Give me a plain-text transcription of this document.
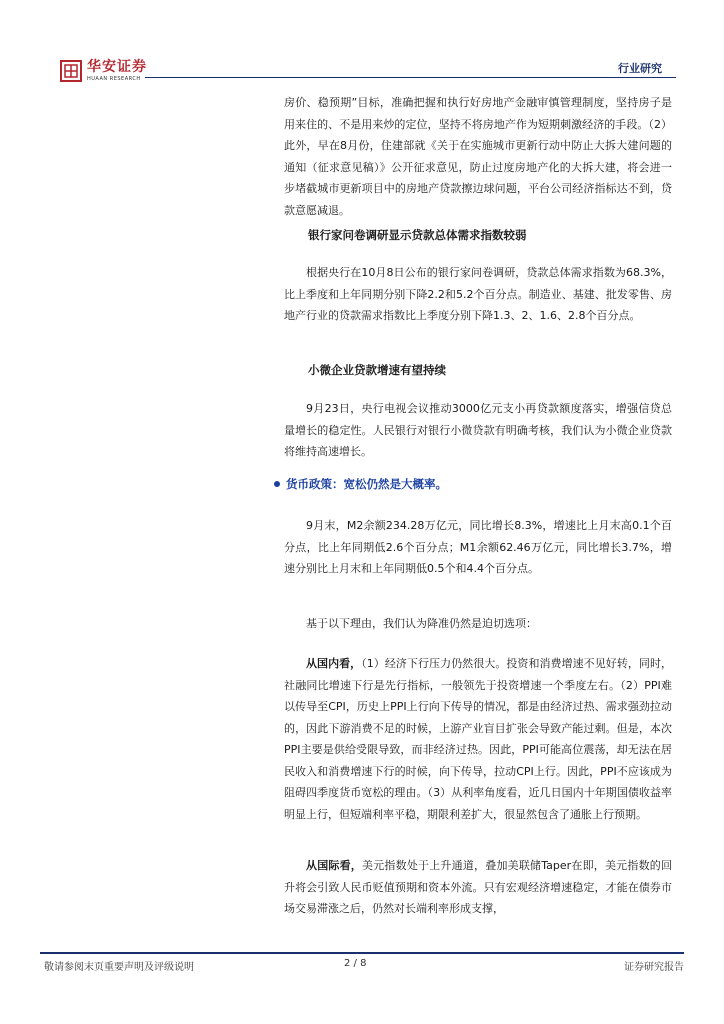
华安证券
HUAAN RESEARCH
行业研究

房价、稳预期”目标，准确把握和执行好房地产金融审慎管理制度，坚持房子是用来住的、不是用来炒的定位，坚持不将房地产作为短期刺激经济的手段。（2）此外，早在8月份，住建部就《关于在实施城市更新行动中防止大拆大建问题的通知（征求意见稿）》公开征求意见，防止过度房地产化的大拆大建，将会进一步堵截城市更新项目中的房地产贷款擦边球问题，平台公司经济指标达不到，贷款意愿减退。

银行家问卷调研显示贷款总体需求指数较弱

根据央行在10月8日公布的银行家问卷调研，贷款总体需求指数为68.3%，比上季度和上年同期分别下降2.2和5.2个百分点。制造业、基建、批发零售、房地产行业的贷款需求指数比上季度分别下降1.3、2、1.6、2.8个百分点。

小微企业贷款增速有望持续

9月23日，央行电视会议推动3000亿元支小再贷款额度落实，增强信贷总量增长的稳定性。人民银行对银行小微贷款有明确考核，我们认为小微企业贷款将维持高速增长。

货币政策：宽松仍然是大概率。

9月末，M2余额234.28万亿元，同比增长8.3%，增速比上月末高0.1个百分点，比上年同期低2.6个百分点；M1余额62.46万亿元，同比增长3.7%，增速分别比上月末和上年同期低0.5个和4.4个百分点。

基于以下理由，我们认为降准仍然是迫切选项：

从国内看，（1）经济下行压力仍然很大。投资和消费增速不见好转，同时，社融同比增速下行是先行指标，一般领先于投资增速一个季度左右。（2）PPI难以传导至CPI，历史上PPI上行向下传导的情况，都是由经济过热、需求强劲拉动的，因此下游消费不足的时候，上游产业盲目扩张会导致产能过剩。但是，本次PPI主要是供给受限导致，而非经济过热。因此，PPI可能高位震荡，却无法在居民收入和消费增速下行的时候，向下传导，拉动CPI上行。因此，PPI不应该成为阻碍四季度货币宽松的理由。（3）从利率角度看，近几日国内十年期国债收益率明显上行，但短端利率平稳，期限利差扩大，很显然包含了通胀上行预期。

从国际看，美元指数处于上升通道，叠加美联储Taper在即，美元指数的回升将会引致人民币贬值预期和资本外流。只有宏观经济增速稳定，才能在债券市场交易滞涨之后，仍然对长端利率形成支撑，

敬请参阅末页重要声明及评级说明	2 / 8	证券研究报告
